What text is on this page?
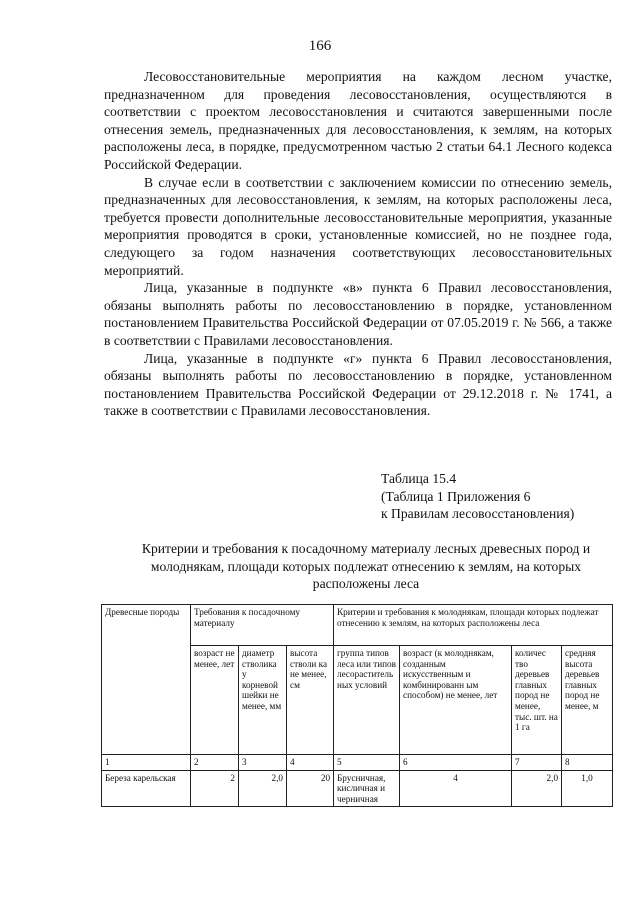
166

Лесовосстановительные мероприятия на каждом лесном участке, предназначенном для проведения лесовосстановления, осуществляются в соответствии с проектом лесовосстановления и считаются завершенными после отнесения земель, предназначенных для лесовосстановления, к землям, на которых расположены леса, в порядке, предусмотренном частью 2 статьи 64.1 Лесного кодекса Российской Федерации.

В случае если в соответствии с заключением комиссии по отнесению земель, предназначенных для лесовосстановления, к землям, на которых расположены леса, требуется провести дополнительные лесовосстановительные мероприятия, указанные мероприятия проводятся в сроки, установленные комиссией, но не позднее года, следующего за годом назначения соответствующих лесовосстановительных мероприятий.

Лица, указанные в подпункте «в» пункта 6 Правил лесовосстановления, обязаны выполнять работы по лесовосстановлению в порядке, установленном постановлением Правительства Российской Федерации от 07.05.2019 г. № 566, а также в соответствии с Правилами лесовосстановления.

Лица, указанные в подпункте «г» пункта 6 Правил лесовосстановления, обязаны выполнять работы по лесовосстановлению в порядке, установленном постановлением Правительства Российской Федерации от 29.12.2018 г. № 1741, а также в соответствии с Правилами лесовосстановления.

Таблица 15.4
(Таблица 1 Приложения 6
к Правилам лесовосстановления)
Критерии и требования к посадочному материалу лесных древесных пород и молоднякам, площади которых подлежат отнесению к землям, на которых расположены леса
Древесные породы	Требования к посадочному материалу			Критерии и требования к молоднякам, площади которых подлежат отнесению к землям, на которых расположены леса			
	возраст не менее, лет	диаметр стволика у корневой шейки не менее, мм	высота стволи ка не менее, см	группа типов леса или типов лесораститель ных условий	возраст (к молоднякам, созданным искусственным и комбинированн ым способом) не менее, лет	количес тво деревьев главных пород не менее, тыс. шт. на 1 га	средняя высота деревьев главных пород не менее, м
1	2	3	4	5	6	7	8
Береза карельская	2	2,0	20	Брусничная, кисличная и черничная	4	2,0	1,0
